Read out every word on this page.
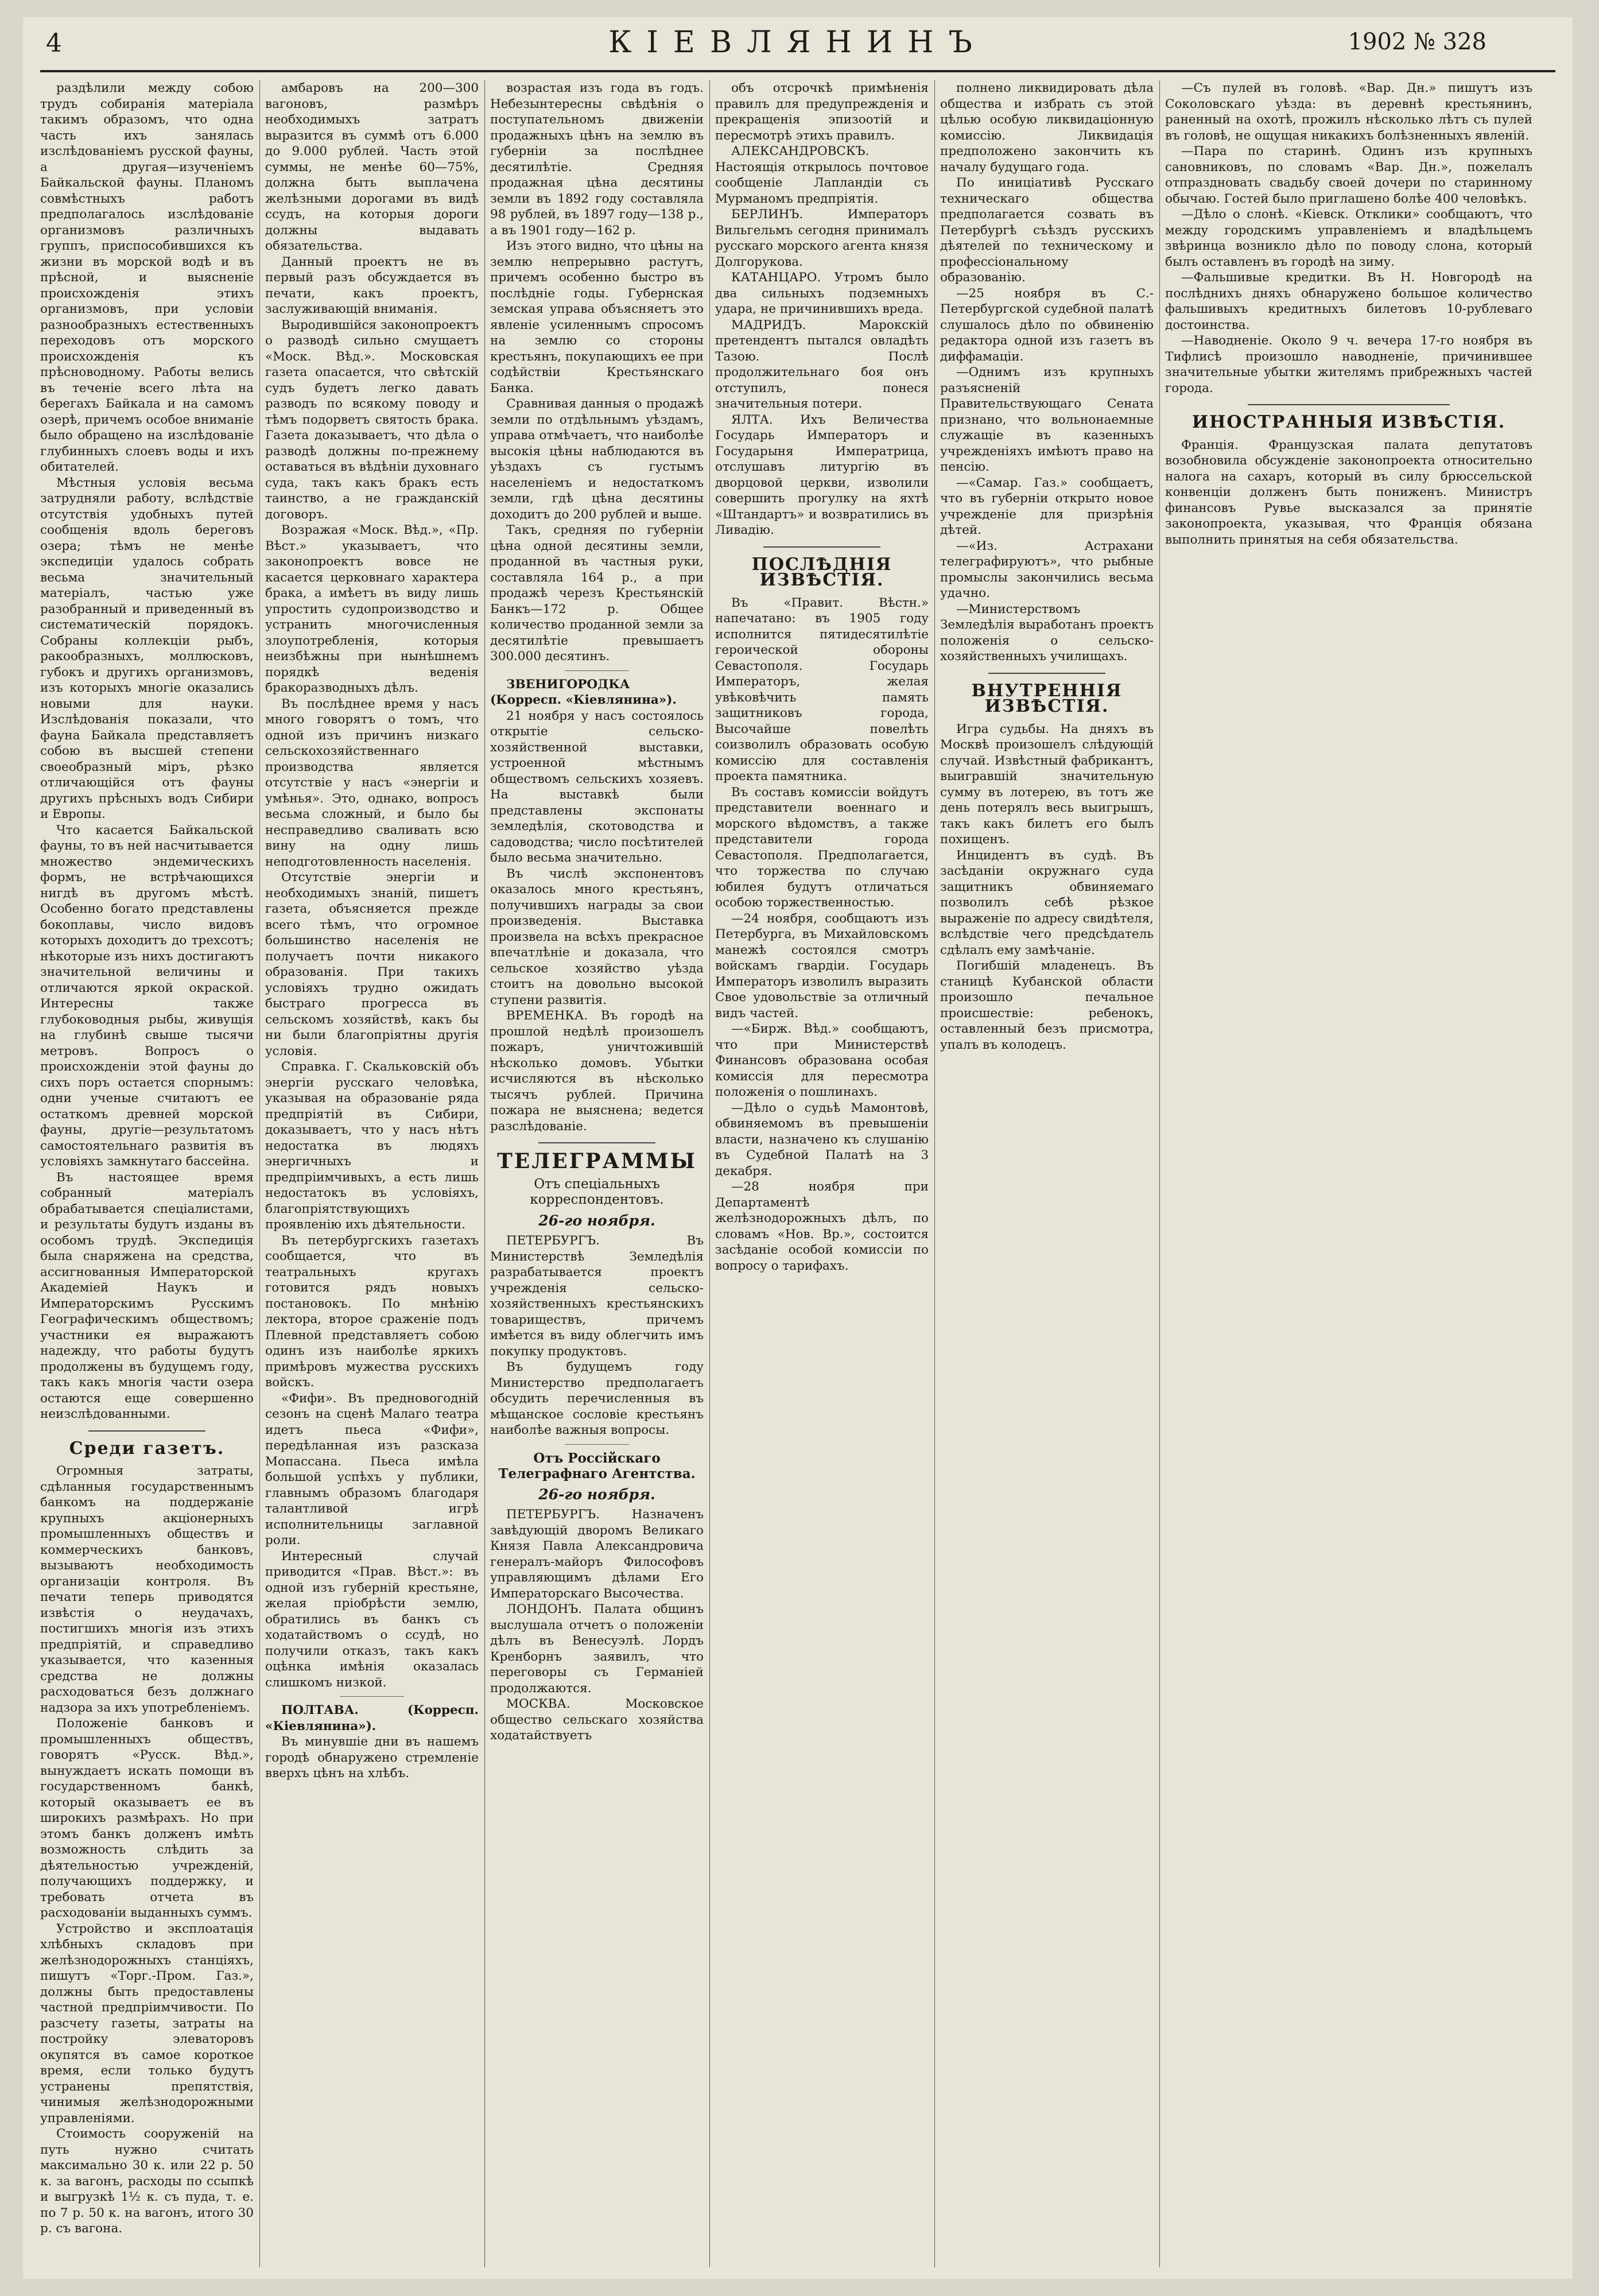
4	КІЕВЛЯНИНЪ	1902 № 328

раздѣлили между собою трудъ собиранія матеріала такимъ образомъ, что одна часть ихъ занялась изслѣдованіемъ русской фауны, а другая—изученіемъ Байкальской фауны. Планомъ совмѣстныхъ работъ предполагалось изслѣдованіе организмовъ различныхъ группъ, приспособившихся къ жизни въ морской водѣ и въ прѣсной, и выясненіе происхожденія этихъ организмовъ, при условіи разнообразныхъ естественныхъ переходовъ отъ морского происхожденія къ прѣсноводному. Работы велись въ теченіе всего лѣта на берегахъ Байкала и на самомъ озерѣ, причемъ особое вниманіе было обращено на изслѣдованіе глубинныхъ слоевъ воды и ихъ обитателей.

Мѣстныя условія весьма затрудняли работу, вслѣдствіе отсутствія удобныхъ путей сообщенія вдоль береговъ озера; тѣмъ не менѣе экспедиціи удалось собрать весьма значительный матеріалъ, частью уже разобранный и приведенный въ систематическій порядокъ. Собраны коллекціи рыбъ, ракообразныхъ, моллюсковъ, губокъ и другихъ организмовъ, изъ которыхъ многіе оказались новыми для науки. Изслѣдованія показали, что фауна Байкала представляетъ собою въ высшей степени своеобразный міръ, рѣзко отличающійся отъ фауны другихъ прѣсныхъ водъ Сибири и Европы.

Что касается Байкальской фауны, то въ ней насчитывается множество эндемическихъ формъ, не встрѣчающихся нигдѣ въ другомъ мѣстѣ. Особенно богато представлены бокоплавы, число видовъ которыхъ доходитъ до трехсотъ; нѣкоторые изъ нихъ достигаютъ значительной величины и отличаются яркой окраской. Интересны также глубоководныя рыбы, живущія на глубинѣ свыше тысячи метровъ. Вопросъ о происхожденіи этой фауны до сихъ поръ остается спорнымъ: одни ученые считаютъ ее остаткомъ древней морской фауны, другіе—результатомъ самостоятельнаго развитія въ условіяхъ замкнутаго бассейна.

Въ настоящее время собранный матеріалъ обрабатывается спеціалистами, и результаты будутъ изданы въ особомъ трудѣ. Экспедиція была снаряжена на средства, ассигнованныя Императорской Академіей Наукъ и Императорскимъ Русскимъ Географическимъ обществомъ; участники ея выражаютъ надежду, что работы будутъ продолжены въ будущемъ году, такъ какъ многія части озера остаются еще совершенно неизслѣдованными.

Среди газетъ.

Огромныя затраты, сдѣланныя государственнымъ банкомъ на поддержаніе крупныхъ акціонерныхъ промышленныхъ обществъ и коммерческихъ банковъ, вызываютъ необходимость организаціи контроля. Въ печати теперь приводятся извѣстія о неудачахъ, постигшихъ многія изъ этихъ предпріятій, и справедливо указывается, что казенныя средства не должны расходоваться безъ должнаго надзора за ихъ употребленіемъ.

Положеніе банковъ и промышленныхъ обществъ, говорятъ «Русск. Вѣд.», вынуждаетъ искать помощи въ государственномъ банкѣ, который оказываетъ ее въ широкихъ размѣрахъ. Но при этомъ банкъ долженъ имѣть возможность слѣдить за дѣятельностью учрежденій, получающихъ поддержку, и требовать отчета въ расходованіи выданныхъ суммъ.

Устройство и эксплоатація хлѣбныхъ складовъ при желѣзнодорожныхъ станціяхъ, пишутъ «Торг.-Пром. Газ.», должны быть предоставлены частной предпріимчивости. По разсчету газеты, затраты на постройку элеваторовъ окупятся въ самое короткое время, если только будутъ устранены препятствія, чинимыя желѣзнодорожными управленіями.

Стоимость сооруженій на путь нужно считать максимально 30 к. или 22 р. 50 к. за вагонъ, расходы по ссыпкѣ и выгрузкѣ 1½ к. съ пуда, т. е. по 7 р. 50 к. на вагонъ, итого 30 р. съ вагона.

амбаровъ на 200—300 вагоновъ, размѣръ необходимыхъ затратъ выразится въ суммѣ отъ 6.000 до 9.000 рублей. Часть этой суммы, не менѣе 60—75%, должна быть выплачена желѣзными дорогами въ видѣ ссудъ, на которыя дороги должны выдавать обязательства.

Данный проектъ не въ первый разъ обсуждается въ печати, какъ проектъ, заслуживающій вниманія.

Выродившійся законопроектъ о разводѣ сильно смущаетъ «Моск. Вѣд.». Московская газета опасается, что свѣтскій судъ будетъ легко давать разводъ по всякому поводу и тѣмъ подорветъ святость брака. Газета доказываетъ, что дѣла о разводѣ должны по-прежнему оставаться въ вѣдѣніи духовнаго суда, такъ какъ бракъ есть таинство, а не гражданскій договоръ.

Возражая «Моск. Вѣд.», «Пр. Вѣст.» указываетъ, что законопроектъ вовсе не касается церковнаго характера брака, а имѣетъ въ виду лишь упростить судопроизводство и устранить многочисленныя злоупотребленія, которыя неизбѣжны при нынѣшнемъ порядкѣ веденія бракоразводныхъ дѣлъ.

Въ послѣднее время у насъ много говорятъ о томъ, что одной изъ причинъ низкаго сельскохозяйственнаго производства является отсутствіе у насъ «энергіи и умѣнья». Это, однако, вопросъ весьма сложный, и было бы несправедливо сваливать всю вину на одну лишь неподготовленность населенія.

Отсутствіе энергіи и необходимыхъ знаній, пишетъ газета, объясняется прежде всего тѣмъ, что огромное большинство населенія не получаетъ почти никакого образованія. При такихъ условіяхъ трудно ожидать быстраго прогресса въ сельскомъ хозяйствѣ, какъ бы ни были благопріятны другія условія.

Справка. Г. Скальковскій объ энергіи русскаго человѣка, указывая на образованіе ряда предпріятій въ Сибири, доказываетъ, что у насъ нѣтъ недостатка въ людяхъ энергичныхъ и предпріимчивыхъ, а есть лишь недостатокъ въ условіяхъ, благопріятствующихъ проявленію ихъ дѣятельности.

Въ петербургскихъ газетахъ сообщается, что въ театральныхъ кругахъ готовится рядъ новыхъ постановокъ. По мнѣнію лектора, второе сраженіе подъ Плевной представляетъ собою одинъ изъ наиболѣе яркихъ примѣровъ мужества русскихъ войскъ.

«Фифи». Въ предновогодній сезонъ на сценѣ Малаго театра идетъ пьеса «Фифи», передѣланная изъ разсказа Мопассана. Пьеса имѣла большой успѣхъ у публики, главнымъ образомъ благодаря талантливой игрѣ исполнительницы заглавной роли.

Интересный случай приводится «Прав. Вѣст.»: въ одной изъ губерній крестьяне, желая пріобрѣсти землю, обратились въ банкъ съ ходатайствомъ о ссудѣ, но получили отказъ, такъ какъ оцѣнка имѣнія оказалась слишкомъ низкой.

ПОЛТАВА. (Корресп. «Кіевлянина»).

Въ минувшіе дни въ нашемъ городѣ обнаружено стремленіе вверхъ цѣнъ на хлѣбъ.

возрастая изъ года въ годъ. Небезынтересны свѣдѣнія о поступательномъ движеніи продажныхъ цѣнъ на землю въ губерніи за послѣднее десятилѣтіе. Средняя продажная цѣна десятины земли въ 1892 году составляла 98 рублей, въ 1897 году—138 р., а въ 1901 году—162 р.

Изъ этого видно, что цѣны на землю непрерывно растутъ, причемъ особенно быстро въ послѣдніе годы. Губернская земская управа объясняетъ это явленіе усиленнымъ спросомъ на землю со стороны крестьянъ, покупающихъ ее при содѣйствіи Крестьянскаго Банка.

Сравнивая данныя о продажѣ земли по отдѣльнымъ уѣздамъ, управа отмѣчаетъ, что наиболѣе высокія цѣны наблюдаются въ уѣздахъ съ густымъ населеніемъ и недостаткомъ земли, гдѣ цѣна десятины доходитъ до 200 рублей и выше.

Такъ, средняя по губерніи цѣна одной десятины земли, проданной въ частныя руки, составляла 164 р., а при продажѣ черезъ Крестьянскій Банкъ—172 р. Общее количество проданной земли за десятилѣтіе превышаетъ 300.000 десятинъ.

ЗВЕНИГОРОДКА (Корресп. «Кіевлянина»).

21 ноября у насъ состоялось открытіе сельско-хозяйственной выставки, устроенной мѣстнымъ обществомъ сельскихъ хозяевъ. На выставкѣ были представлены экспонаты земледѣлія, скотоводства и садоводства; число посѣтителей было весьма значительно.

Въ числѣ экспонентовъ оказалось много крестьянъ, получившихъ награды за свои произведенія. Выставка произвела на всѣхъ прекрасное впечатлѣніе и доказала, что сельское хозяйство уѣзда стоитъ на довольно высокой ступени развитія.

ВРЕМЕНКА. Въ городѣ на прошлой недѣлѣ произошелъ пожаръ, уничтожившій нѣсколько домовъ. Убытки исчисляются въ нѣсколько тысячъ рублей. Причина пожара не выяснена; ведется разслѣдованіе.

ТЕЛЕГРАММЫ
Отъ спеціальныхъ корреспондентовъ.
26-го ноября.

ПЕТЕРБУРГЪ. Въ Министерствѣ Земледѣлія разрабатывается проектъ учрежденія сельско-хозяйственныхъ крестьянскихъ товариществъ, причемъ имѣется въ виду облегчить имъ покупку продуктовъ.

Въ будущемъ году Министерство предполагаетъ обсудить перечисленныя въ мѣщанское сословіе крестьянъ наиболѣе важныя вопросы.

Отъ Россійскаго Телеграфнаго Агентства.
26-го ноября.

ПЕТЕРБУРГЪ. Назначенъ завѣдующій дворомъ Великаго Князя Павла Александровича генералъ-майоръ Философовъ управляющимъ дѣлами Его Императорскаго Высочества.

ЛОНДОНЪ. Палата общинъ выслушала отчетъ о положеніи дѣлъ въ Венесуэлѣ. Лордъ Кренборнъ заявилъ, что переговоры съ Германіей продолжаются.

МОСКВА. Московское общество сельскаго хозяйства ходатайствуетъ

объ отсрочкѣ примѣненія правилъ для предупрежденія и прекращенія эпизоотій и пересмотрѣ этихъ правилъ.

АЛЕКСАНДРОВСКЪ. Настоящія открылось почтовое сообщеніе Лапландіи съ Мурманомъ предпріятія.

БЕРЛИНЪ. Императоръ Вильгельмъ сегодня принималъ русскаго морского агента князя Долгорукова.

КАТАНЦАРО. Утромъ было два сильныхъ подземныхъ удара, не причинившихъ вреда.

МАДРИДЪ. Марокскій претендентъ пытался овладѣть Тазою. Послѣ продолжительнаго боя онъ отступилъ, понеся значительныя потери.

ЯЛТА. Ихъ Величества Государь Императоръ и Государыня Императрица, отслушавъ литургію въ дворцовой церкви, изволили совершить прогулку на яхтѣ «Штандартъ» и возвратились въ Ливадію.

ПОСЛѢДНІЯ ИЗВѢСТІЯ.

Въ «Правит. Вѣстн.» напечатано: въ 1905 году исполнится пятидесятилѣтіе героической обороны Севастополя. Государь Императоръ, желая увѣковѣчить память защитниковъ города, Высочайше повелѣть соизволилъ образовать особую комиссію для составленія проекта памятника.

Въ составъ комиссіи войдутъ представители военнаго и морского вѣдомствъ, а также представители города Севастополя. Предполагается, что торжества по случаю юбилея будутъ отличаться особою торжественностью.

—24 ноября, сообщаютъ изъ Петербурга, въ Михайловскомъ манежѣ состоялся смотръ войскамъ гвардіи. Государь Императоръ изволилъ выразить Свое удовольствіе за отличный видъ частей.

—«Бирж. Вѣд.» сообщаютъ, что при Министерствѣ Финансовъ образована особая комиссія для пересмотра положенія о пошлинахъ.

—Дѣло о судьѣ Мамонтовѣ, обвиняемомъ въ превышеніи власти, назначено къ слушанію въ Судебной Палатѣ на 3 декабря.

—28 ноября при Департаментѣ желѣзнодорожныхъ дѣлъ, по словамъ «Нов. Вр.», состоится засѣданіе особой комиссіи по вопросу о тарифахъ.

полнено ликвидировать дѣла общества и избрать съ этой цѣлью особую ликвидаціонную комиссію. Ликвидація предположено закончить къ началу будущаго года.

По иниціативѣ Русскаго техническаго общества предполагается созвать въ Петербургѣ съѣздъ русскихъ дѣятелей по техническому и профессіональному образованію.

—25 ноября въ С.-Петербургской судебной палатѣ слушалось дѣло по обвиненію редактора одной изъ газетъ въ диффамаціи.

—Однимъ изъ крупныхъ разъясненій Правительствующаго Сената признано, что вольнонаемные служащіе въ казенныхъ учрежденіяхъ имѣютъ право на пенсію.

—«Самар. Газ.» сообщаетъ, что въ губерніи открыто новое учрежденіе для призрѣнія дѣтей.

—«Из. Астрахани телеграфируютъ», что рыбные промыслы закончились весьма удачно.

—Министерствомъ Земледѣлія выработанъ проектъ положенія о сельско-хозяйственныхъ училищахъ.

ВНУТРЕННІЯ ИЗВѢСТІЯ.

Игра судьбы. На дняхъ въ Москвѣ произошелъ слѣдующій случай. Извѣстный фабрикантъ, выигравшій значительную сумму въ лотерею, въ тотъ же день потерялъ весь выигрышъ, такъ какъ билетъ его былъ похищенъ.

Инцидентъ въ судѣ. Въ засѣданіи окружнаго суда защитникъ обвиняемаго позволилъ себѣ рѣзкое выраженіе по адресу свидѣтеля, вслѣдствіе чего предсѣдатель сдѣлалъ ему замѣчаніе.

Погибшій младенецъ. Въ станицѣ Кубанской области произошло печальное происшествіе: ребенокъ, оставленный безъ присмотра, упалъ въ колодецъ.

—Съ пулей въ головѣ. «Вар. Дн.» пишутъ изъ Соколовскаго уѣзда: въ деревнѣ крестьянинъ, раненный на охотѣ, прожилъ нѣсколько лѣтъ съ пулей въ головѣ, не ощущая никакихъ болѣзненныхъ явленій.

—Пара по старинѣ. Одинъ изъ крупныхъ сановниковъ, по словамъ «Вар. Дн.», пожелалъ отпраздновать свадьбу своей дочери по старинному обычаю. Гостей было приглашено болѣе 400 человѣкъ.

—Дѣло о слонѣ. «Кіевск. Отклики» сообщаютъ, что между городскимъ управленіемъ и владѣльцемъ звѣринца возникло дѣло по поводу слона, который былъ оставленъ въ городѣ на зиму.

—Фальшивые кредитки. Въ Н. Новгородѣ на послѣднихъ дняхъ обнаружено большое количество фальшивыхъ кредитныхъ билетовъ 10-рублеваго достоинства.

—Наводненіе. Около 9 ч. вечера 17-го ноября въ Тифлисѣ произошло наводненіе, причинившее значительные убытки жителямъ прибрежныхъ частей города.

ИНОСТРАННЫЯ ИЗВѢСТІЯ.

Франція. Французская палата депутатовъ возобновила обсужденіе законопроекта относительно налога на сахаръ, который въ силу брюссельской конвенціи долженъ быть пониженъ. Министръ финансовъ Рувье высказался за принятіе законопроекта, указывая, что Франція обязана выполнить принятыя на себя обязательства.
